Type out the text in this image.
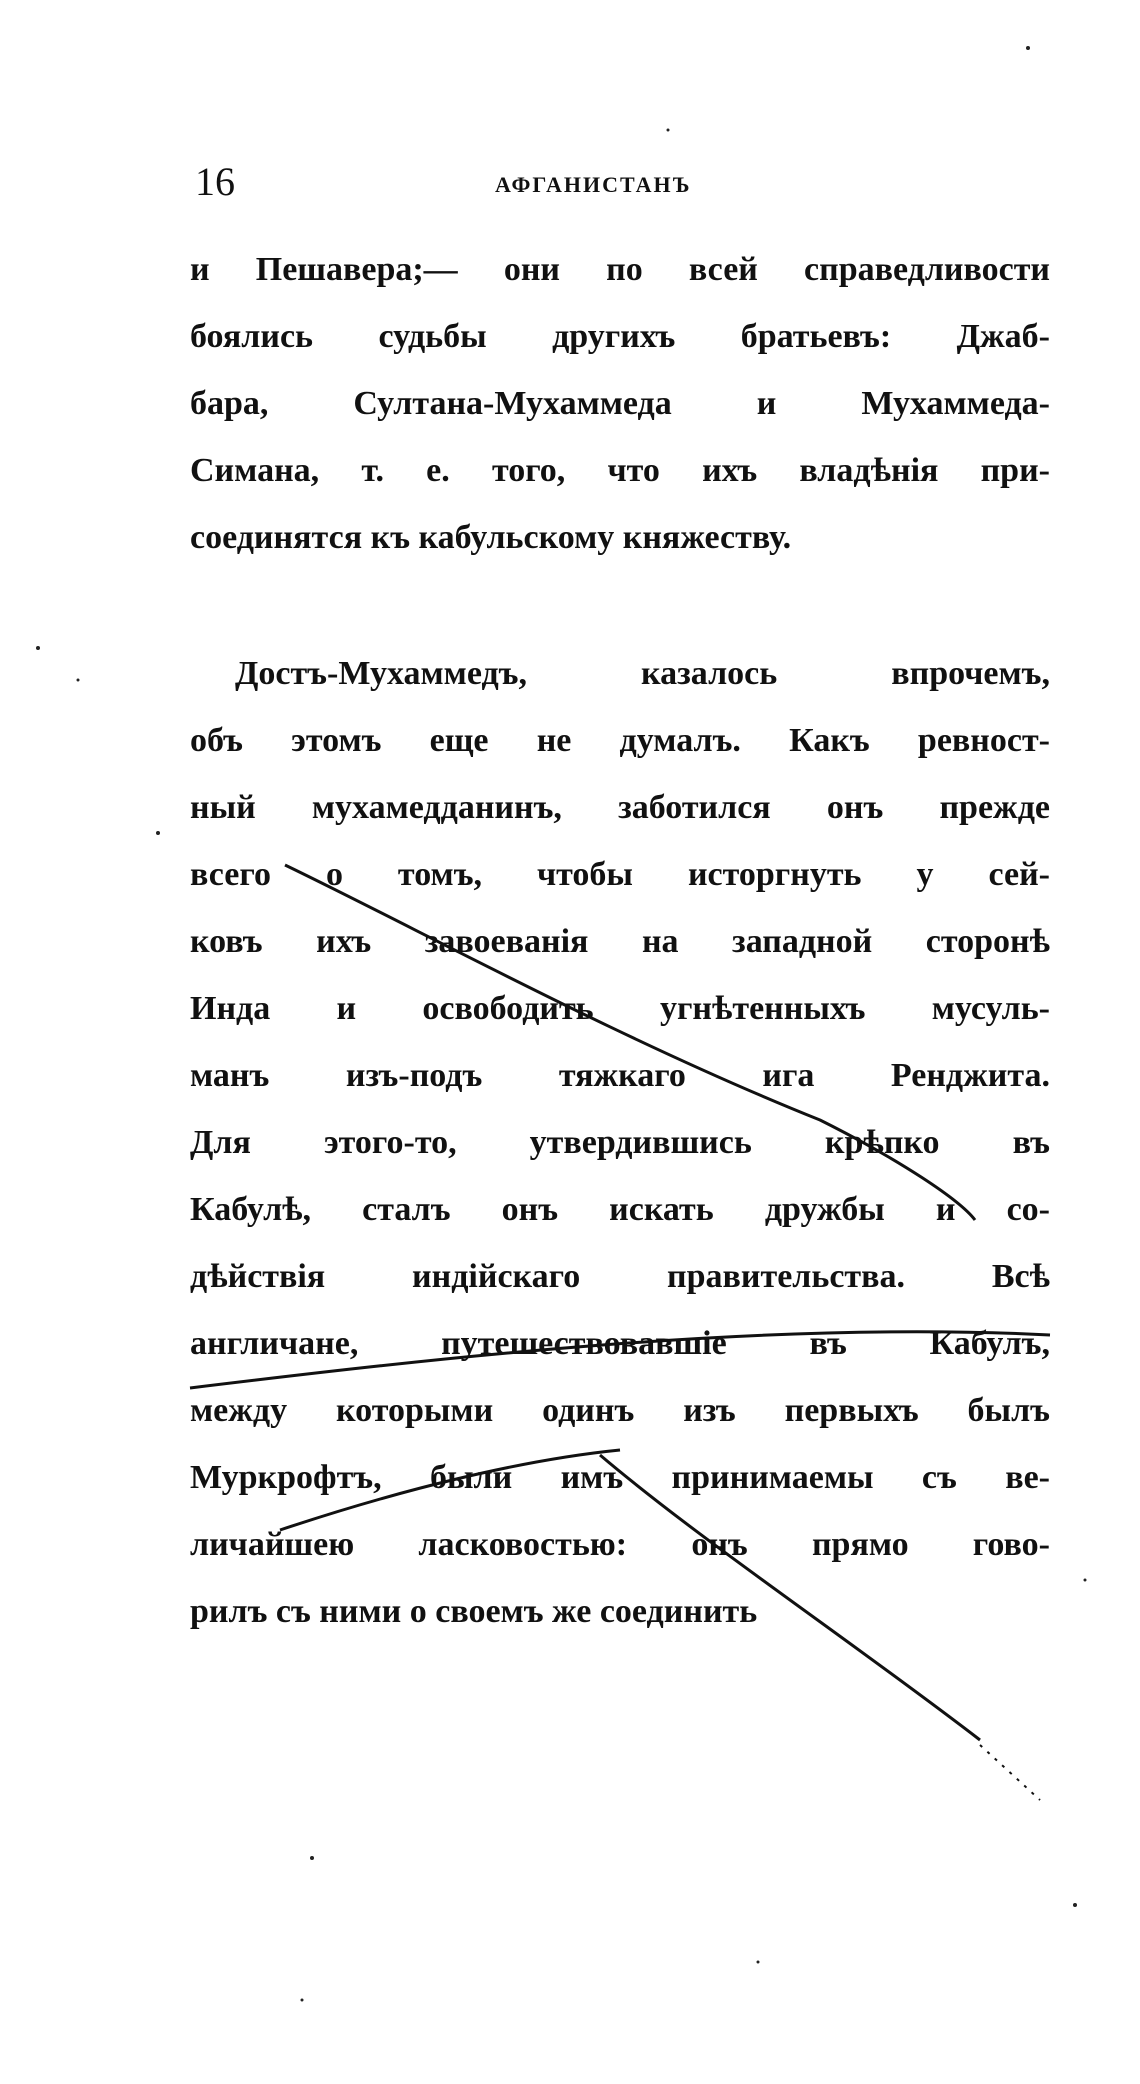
16	АФГАНИСТАНЪ
и Пешавера;— они по всей справедливости
боялись судьбы другихъ братьевъ: Джаб-
бара, Султана-Мухаммеда и Мухаммеда-
Симана, т. е. того, что ихъ владѣнія при-
соединятся къ кабульскому княжеству.
Достъ-Мухаммедъ, казалось впрочемъ,
объ этомъ еще не думалъ. Какъ ревност-
ный мухамедданинъ, заботился онъ прежде
всего о томъ, чтобы исторгнуть у сей-
ковъ ихъ завоеванія на западной сторонѣ
Инда и освободить угнѣтенныхъ мусуль-
манъ изъ-подъ тяжкаго ига Ренджита.
Для этого-то, утвердившись крѣпко въ
Кабулѣ, сталъ онъ искать дружбы и со-
дѣйствія индійскаго правительства. Всѣ
англичане, путешествовавшіе въ Кабулъ,
между которыми одинъ изъ первыхъ былъ
Муркрофтъ, были имъ принимаемы съ ве-
личайшею ласковостью: онъ прямо гово-
рилъ съ ними о своемъ же соединить
